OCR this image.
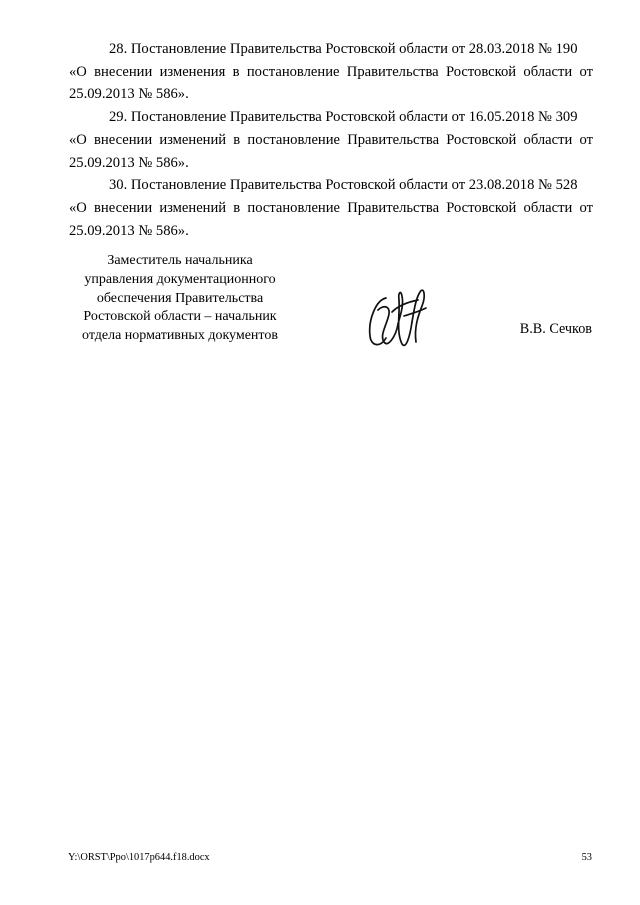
28. Постановление Правительства Ростовской области от 28.03.2018 № 190
«О внесении изменения в постановление Правительства Ростовской области от 25.09.2013 № 586».

29. Постановление Правительства Ростовской области от 16.05.2018 № 309
«О внесении изменений в постановление Правительства Ростовской области от 25.09.2013 № 586».

30. Постановление Правительства Ростовской области от 23.08.2018 № 528
«О внесении изменений в постановление Правительства Ростовской области от 25.09.2013 № 586».

Заместитель начальника
управления документационного
обеспечения Правительства
Ростовской области – начальник
отдела нормативных документов	В.В. Сечков
Y:\ORST\Ppo\1017p644.f18.docx	53
